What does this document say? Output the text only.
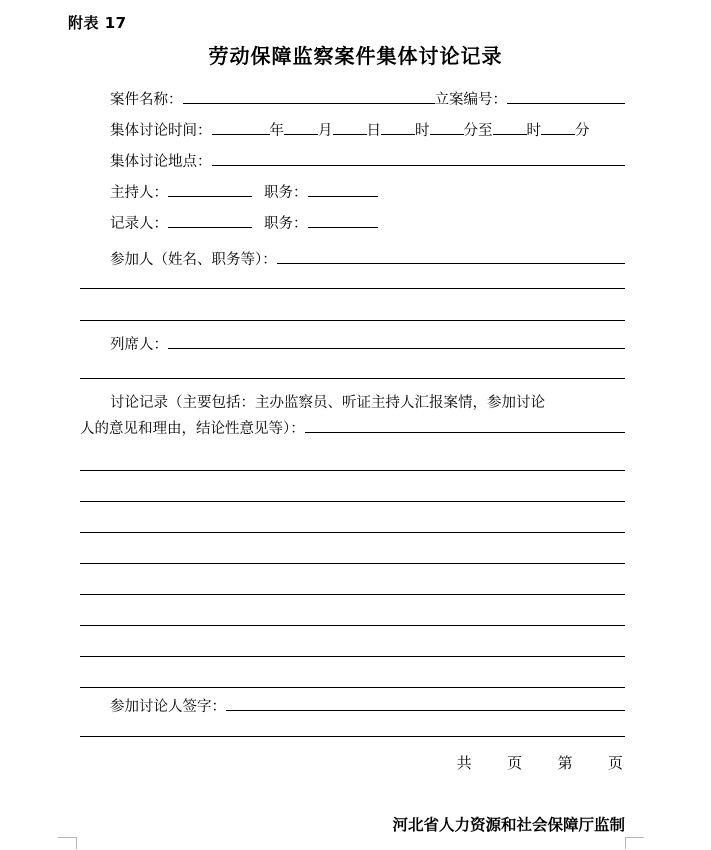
附表 17
劳动保障监察案件集体讨论记录
案件名称：	立案编号：
集体讨论时间：	年 月 日 时 分 至 时 分
集体讨论地点：
主持人：	职务：
记录人：	职务：
参加人（姓名、职务等）：
列席人：
讨论记录（主要包括：主办监察员、听证主持人汇报案情，参加讨论
人的意见和理由，结论性意见等）：
参加讨论人签字：
共 页 第 页
河北省人力资源和社会保障厅监制
